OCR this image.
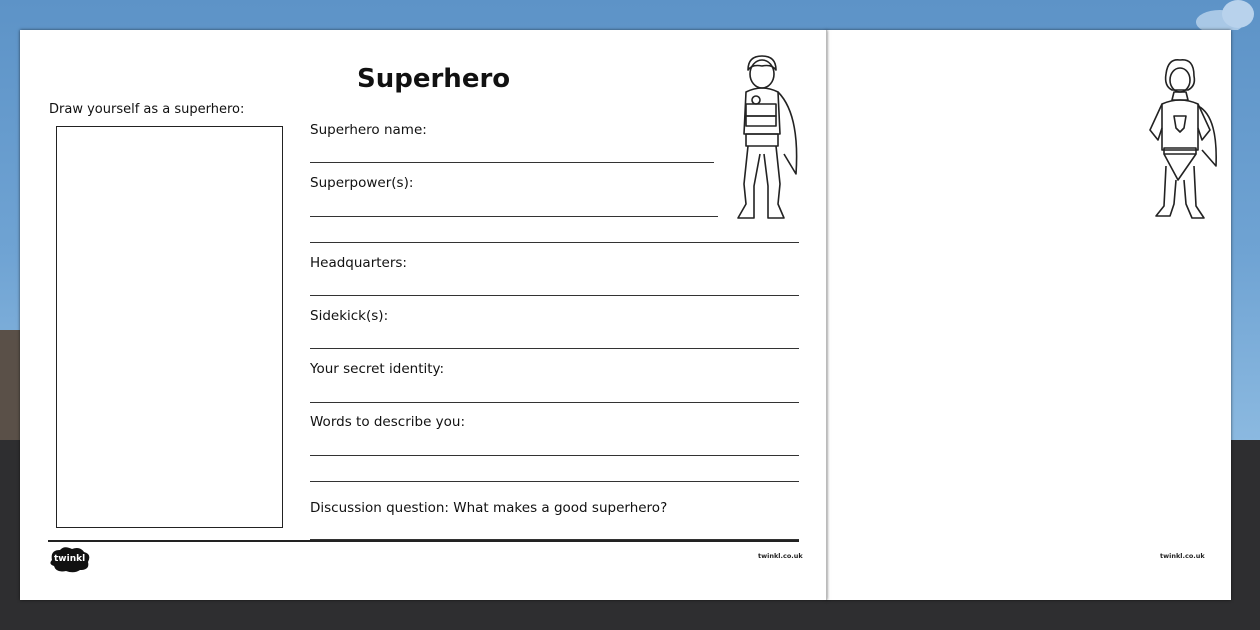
twinkl.co.uk
Superhero
Draw yourself as a superhero:
Superhero name:
Superpower(s):
Headquarters:
Sidekick(s):
Your secret identity:
Words to describe you:
Discussion question: What makes a good superhero?
twinkl	twinkl.co.uk
